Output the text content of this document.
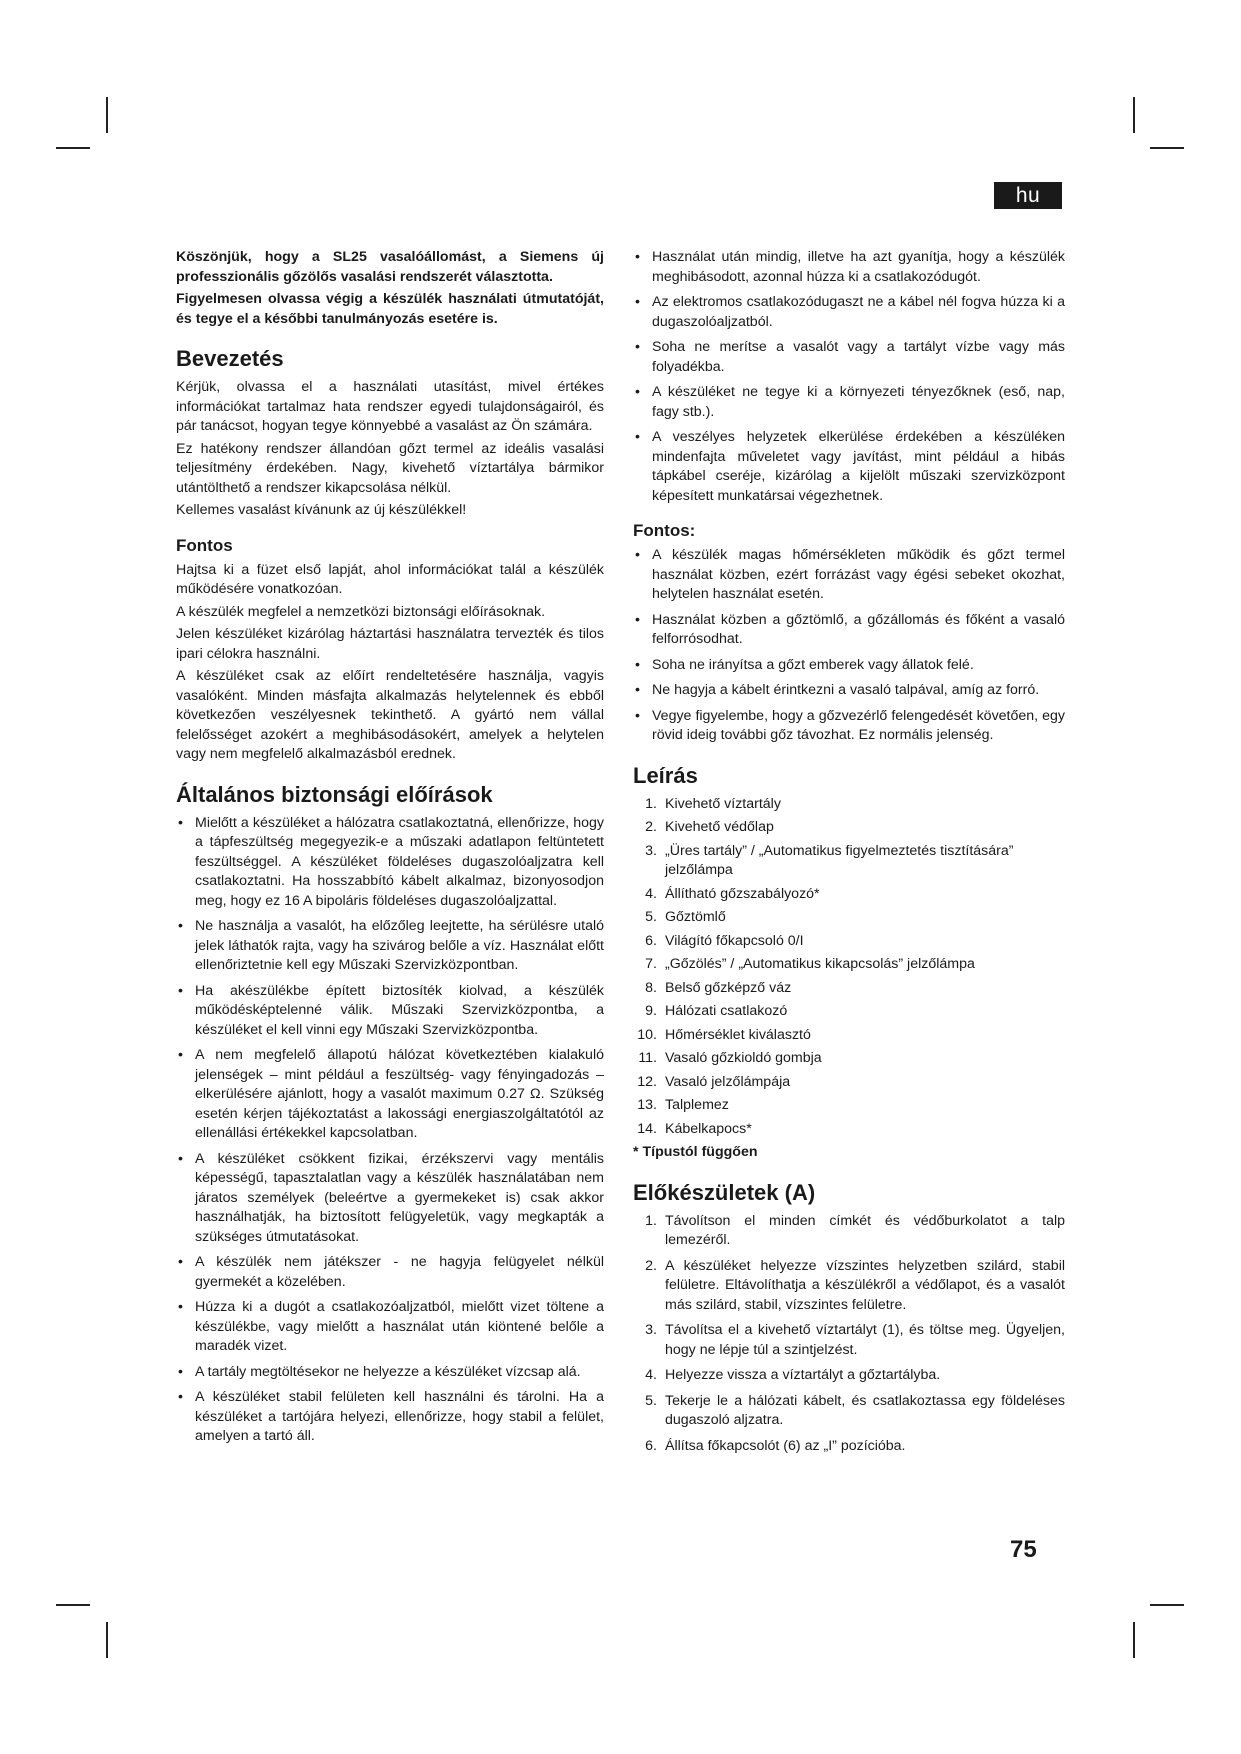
hu

Köszönjük, hogy a SL25 vasalóállomást, a Siemens új professzionális gőzölős vasalási rendszerét választotta.

Figyelmesen olvassa végig a készülék használati útmutatóját, és tegye el a későbbi tanulmányozás esetére is.

Bevezetés

Kérjük, olvassa el a használati utasítást, mivel értékes információkat tartalmaz hata rendszer egyedi tulajdonságairól, és pár tanácsot, hogyan tegye könnyebbé a vasalást az Ön számára.

Ez hatékony rendszer állandóan gőzt termel az ideális vasalási teljesítmény érdekében. Nagy, kivehető víztartálya bármikor utántölthető a rendszer kikapcsolása nélkül.

Kellemes vasalást kívánunk az új készülékkel!

Fontos

Hajtsa ki a füzet első lapját, ahol információkat talál a készülék működésére vonatkozóan.

A készülék megfelel a nemzetközi biztonsági előírásoknak.

Jelen készüléket kizárólag háztartási használatra tervezték és tilos ipari célokra használni.

A készüléket csak az előírt rendeltetésére használja, vagyis vasalóként. Minden másfajta alkalmazás helytelennek és ebből következően veszélyesnek tekinthető. A gyártó nem vállal felelősséget azokért a meghibásodásokért, amelyek a helytelen vagy nem megfelelő alkalmazásból erednek.

Általános biztonsági előírások
• Mielőtt a készüléket a hálózatra csatlakoztatná, ellenőrizze, hogy a tápfeszültség megegyezik-e a műszaki adatlapon feltüntetett feszültséggel. A készüléket földeléses dugaszolóaljzatra kell csatlakoztatni. Ha hosszabbító kábelt alkalmaz, bizonyosodjon meg, hogy ez 16 A bipoláris földeléses dugaszolóaljzattal.
• Ne használja a vasalót, ha előzőleg leejtette, ha sérülésre utaló jelek láthatók rajta, vagy ha szivárog belőle a víz. Használat előtt ellenőriztetnie kell egy Műszaki Szervizközpontban.
• Ha akészülékbe épített biztosíték kiolvad, a készülék működésképtelenné válik. Műszaki Szervizközpontba, a készüléket el kell vinni egy Műszaki Szervizközpontba.
• A nem megfelelő állapotú hálózat következtében kialakuló jelenségek – mint például a feszültség- vagy fényingadozás – elkerülésére ajánlott, hogy a vasalót maximum 0.27 Ω. Szükség esetén kérjen tájékoztatást a lakossági energiaszolgáltatótól az ellenállási értékekkel kapcsolatban.
• A készüléket csökkent fizikai, érzékszervi vagy mentális képességű, tapasztalatlan vagy a készülék használatában nem járatos személyek (beleértve a gyermekeket is) csak akkor használhatják, ha biztosított felügyeletük, vagy megkapták a szükséges útmutatásokat.
• A készülék nem játékszer - ne hagyja felügyelet nélkül gyermekét a közelében.
• Húzza ki a dugót a csatlakozóaljzatból, mielőtt vizet töltene a készülékbe, vagy mielőtt a használat után kiöntené belőle a maradék vizet.
• A tartály megtöltésekor ne helyezze a készüléket vízcsap alá.
• A készüléket stabil felületen kell használni és tárolni. Ha a készüléket a tartójára helyezi, ellenőrizze, hogy stabil a felület, amelyen a tartó áll.
• Használat után mindig, illetve ha azt gyanítja, hogy a készülék meghibásodott, azonnal húzza ki a csatlakozódugót.
• Az elektromos csatlakozódugaszt ne a kábel nél fogva húzza ki a dugaszolóaljzatból.
• Soha ne merítse a vasalót vagy a tartályt vízbe vagy más folyadékba.
• A készüléket ne tegye ki a környezeti tényezőknek (eső, nap, fagy stb.).
• A veszélyes helyzetek elkerülése érdekében a készüléken mindenfajta műveletet vagy javítást, mint például a hibás tápkábel cseréje, kizárólag a kijelölt műszaki szervizközpont képesített munkatársai végezhetnek.
Fontos:
• A készülék magas hőmérsékleten működik és gőzt termel használat közben, ezért forrázást vagy égési sebeket okozhat, helytelen használat esetén.
• Használat közben a gőztömlő, a gőzállomás és főként a vasaló felforrósodhat.
• Soha ne irányítsa a gőzt emberek vagy állatok felé.
• Ne hagyja a kábelt érintkezni a vasaló talpával, amíg az forró.
• Vegye figyelembe, hogy a gőzvezérlő felengedését követően, egy rövid ideig további gőz távozhat. Ez normális jelenség.
Leírás
1. Kivehető víztartály
2. Kivehető védőlap
3. „Üres tartály” / „Automatikus figyelmeztetés tisztítására” jelzőlámpa
4. Állítható gőzszabályozó*
5. Gőztömlő
6. Világító főkapcsoló 0/I
7. „Gőzölés” / „Automatikus kikapcsolás” jelzőlámpa
8. Belső gőzképző váz
9. Hálózati csatlakozó
10. Hőmérséklet kiválasztó
11. Vasaló gőzkioldó gombja
12. Vasaló jelzőlámpája
13. Talplemez
14. Kábelkapocs*

* Típustól függően

Előkészületek (A)
1. Távolítson el minden címkét és védőburkolatot a talp lemezéről.
2. A készüléket helyezze vízszintes helyzetben szilárd, stabil felületre. Eltávolíthatja a készülékről a védőlapot, és a vasalót más szilárd, stabil, vízszintes felületre.
3. Távolítsa el a kivehető víztartályt (1), és töltse meg. Ügyeljen, hogy ne lépje túl a szintjelzést.
4. Helyezze vissza a víztartályt a gőztartályba.
5. Tekerje le a hálózati kábelt, és csatlakoztassa egy földeléses dugaszoló aljzatra.
6. Állítsa főkapcsolót (6) az „I” pozícióba.
75
